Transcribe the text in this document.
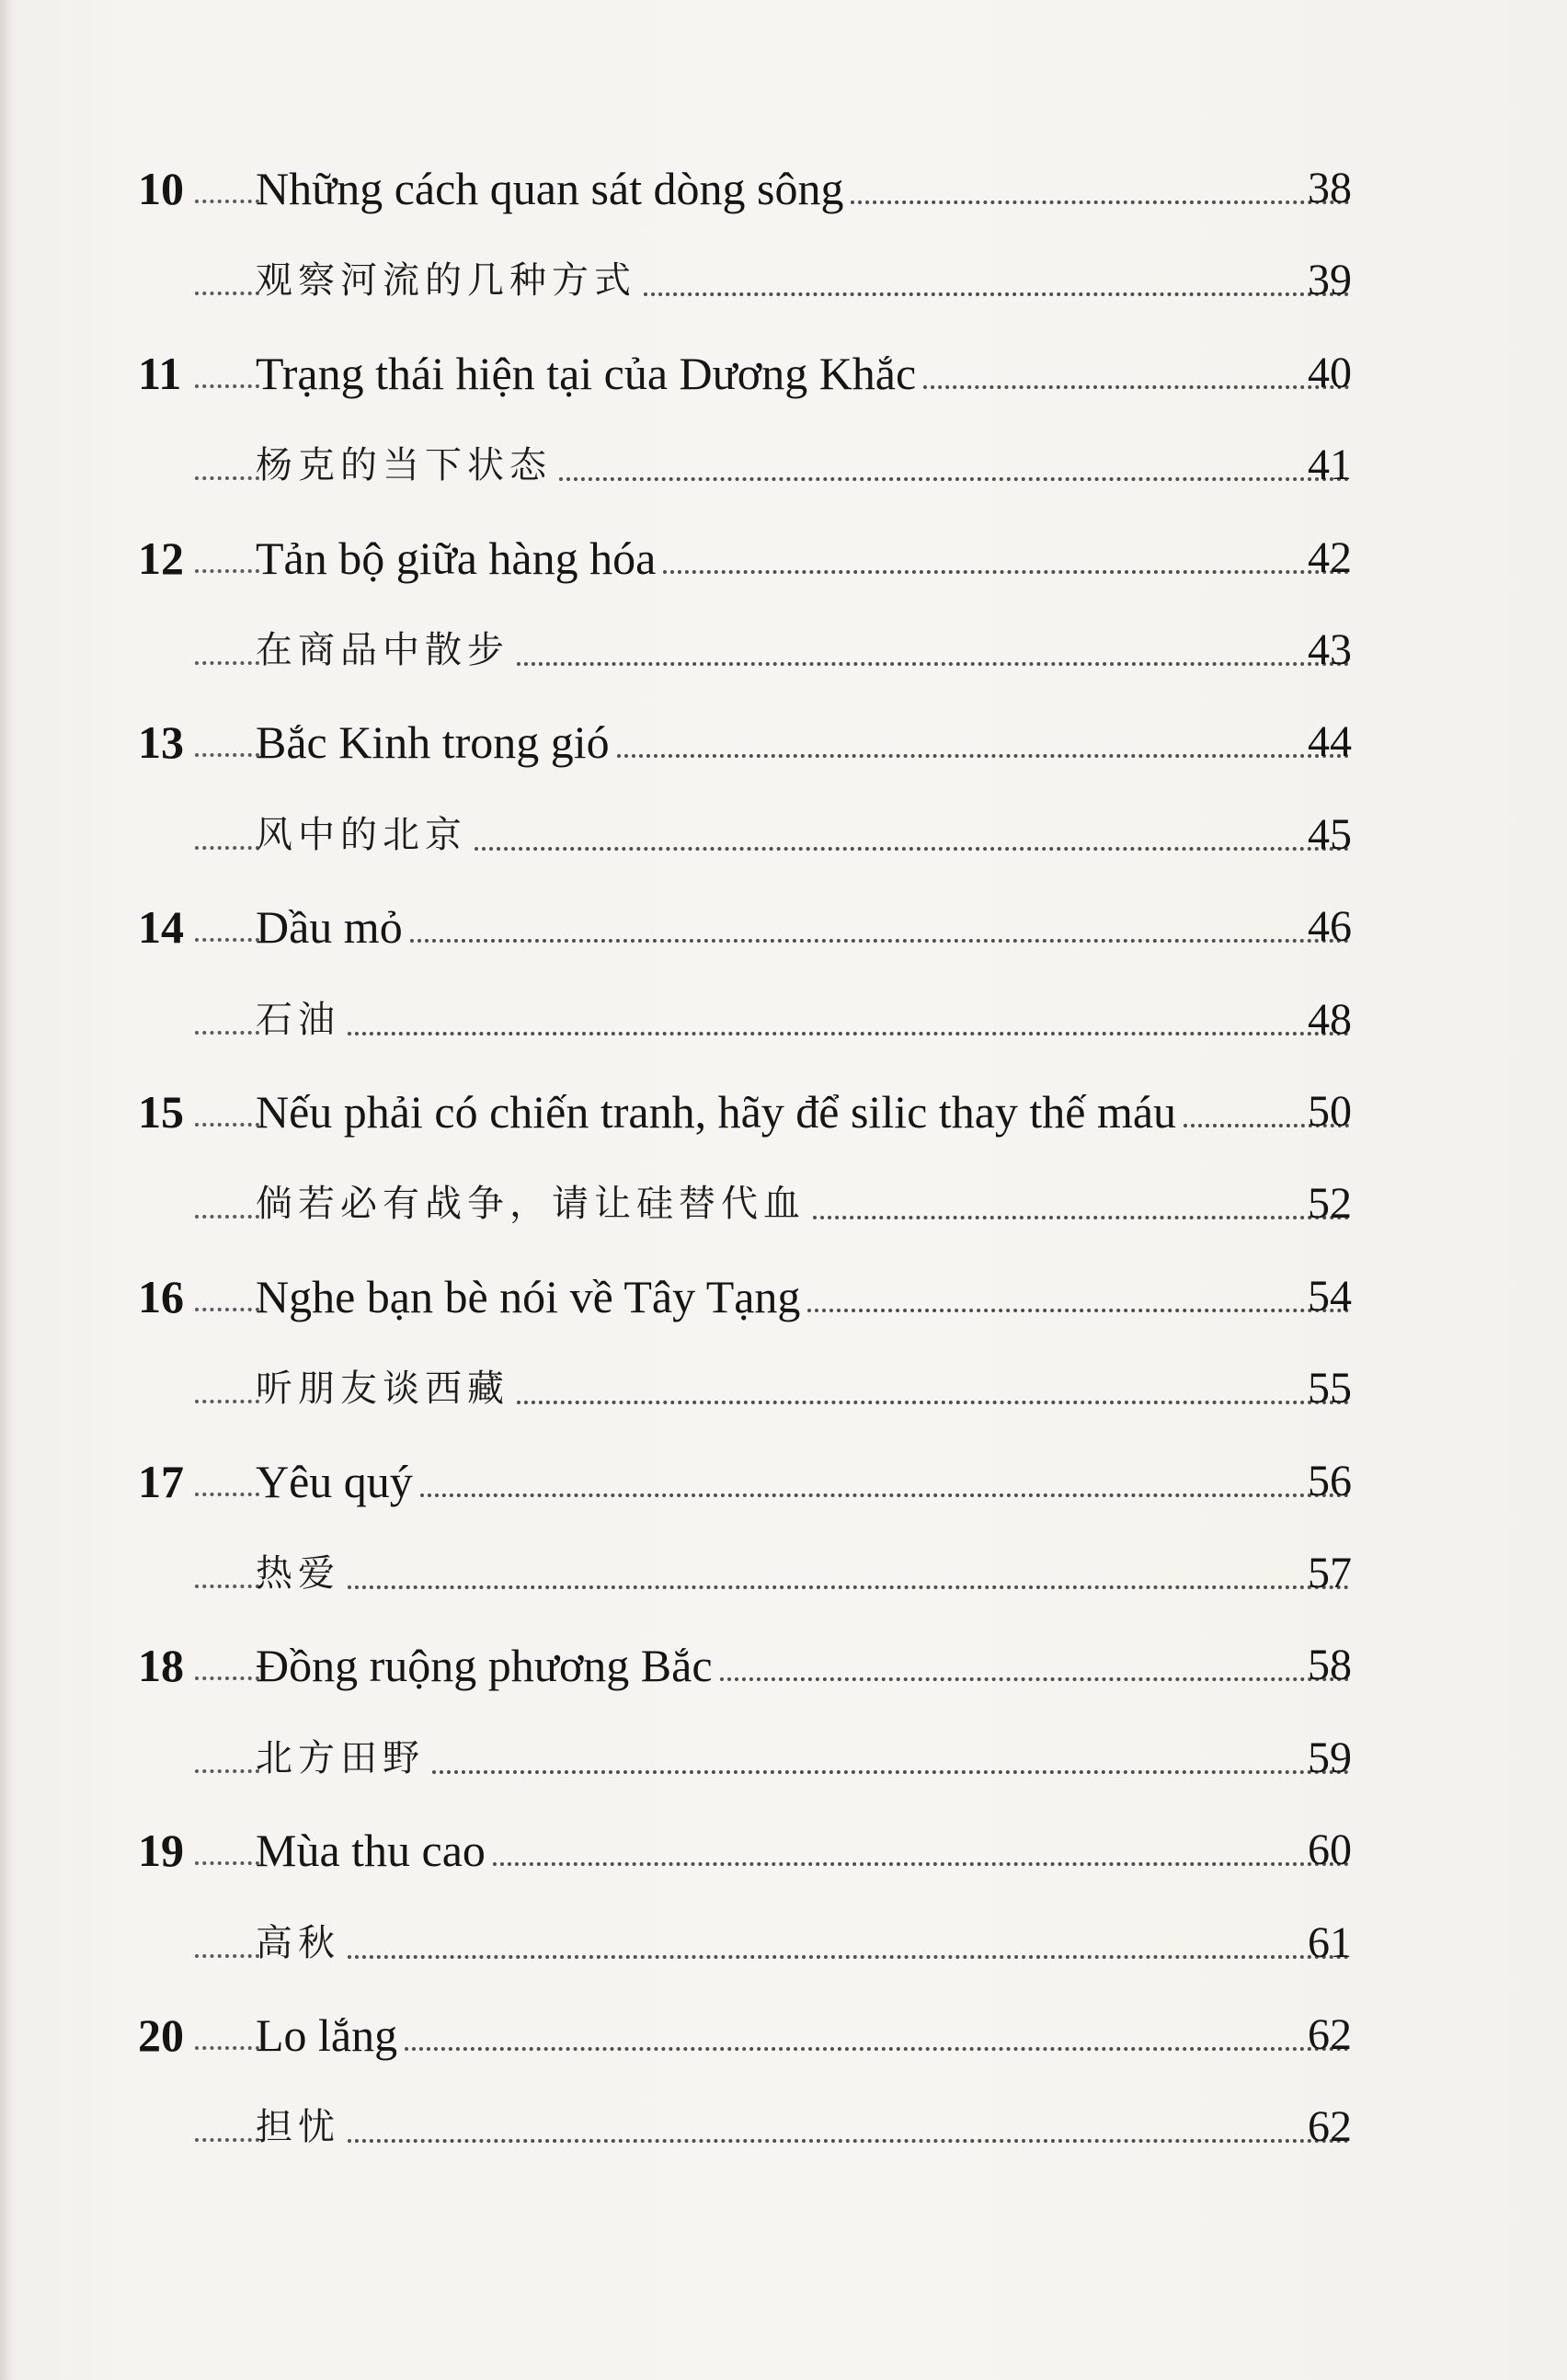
10	Những cách quan sát dòng sông	38
观察河流的几种方式	39
11	Trạng thái hiện tại của Dương Khắc	40
杨克的当下状态	41
12	Tản bộ giữa hàng hóa	42
在商品中散步	43
13	Bắc Kinh trong gió	44
风中的北京	45
14	Dầu mỏ	46
石油	48
15	Nếu phải có chiến tranh, hãy để silic thay thế máu	50
倘若必有战争，请让硅替代血	52
16	Nghe bạn bè nói về Tây Tạng	54
听朋友谈西藏	55
17	Yêu quý	56
热爱	57
18	Đồng ruộng phương Bắc	58
北方田野	59
19	Mùa thu cao	60
高秋	61
20	Lo lắng	62
担忧	62
